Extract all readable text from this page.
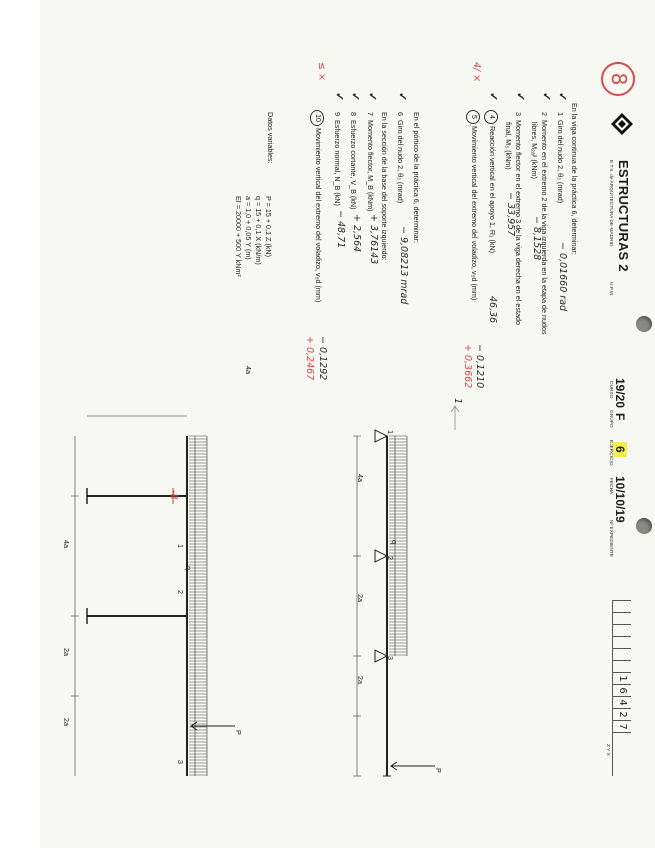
8
ESTRUCTURAS 2
E.T.S. de ARQUITECTURA DE MADRID
U.P.M.
19/20
CURSO
F
GRUPO
6
EJERCICIO
10/10/19
FECHA
Nº EXPEDIENTE
1
6
4
2
7
Z Y X
En la viga continua de la práctica 6, determinar:
✓
1  Giro del nudo 2, θ₂ (mrad)
− 0,01660 rad
✓
2  Momento en el extremo 2 de la viga izquierda en la etapa de nudos
libres, M₂ₐᵖ (kNm)
− 8,1528
✓
3  Momento flector en el extremo 3 de la viga derecha en el estado
final, M₃ (kNm)
− 33,957
✓
4 Reacción vertical en el apoyo 1, R₁ (kN)
46,36
4/ ×
5 Movimiento vertical del extremo del voladizo, v₅d (mm)
− 0,1210
+ 0,3662
En el pórtico de la práctica 6, determinar:
✓
6  Giro del nudo 2, θ₂ (mrad)
− 9,08213 mrad
En la sección de la base del soporte izquierdo:
✓
7  Momento flector, M_B (kNm)
+ 3,76143
✓
8  Esfuerzo cortante, V_B (kN)
+ 2,564
✓
9  Esfuerzo normal, N_B (kN)
− 48,71
≤ ×
10 Movimiento vertical del extremo del voladizo, v₅d (mm)
− 0,1292
+ 0,2467
Datos variables:
P = 15 + 0,1 Z (kN)
q = 15 + 0,1 X (kN/m)
a = 1,0 + 0,05 Y (m)
EI = 20000 + 500 Y kNm²
4a
2a
2a
q
P
1
2
3
1
4a
1
2
3
q
P
4a
2a
2a
-8
